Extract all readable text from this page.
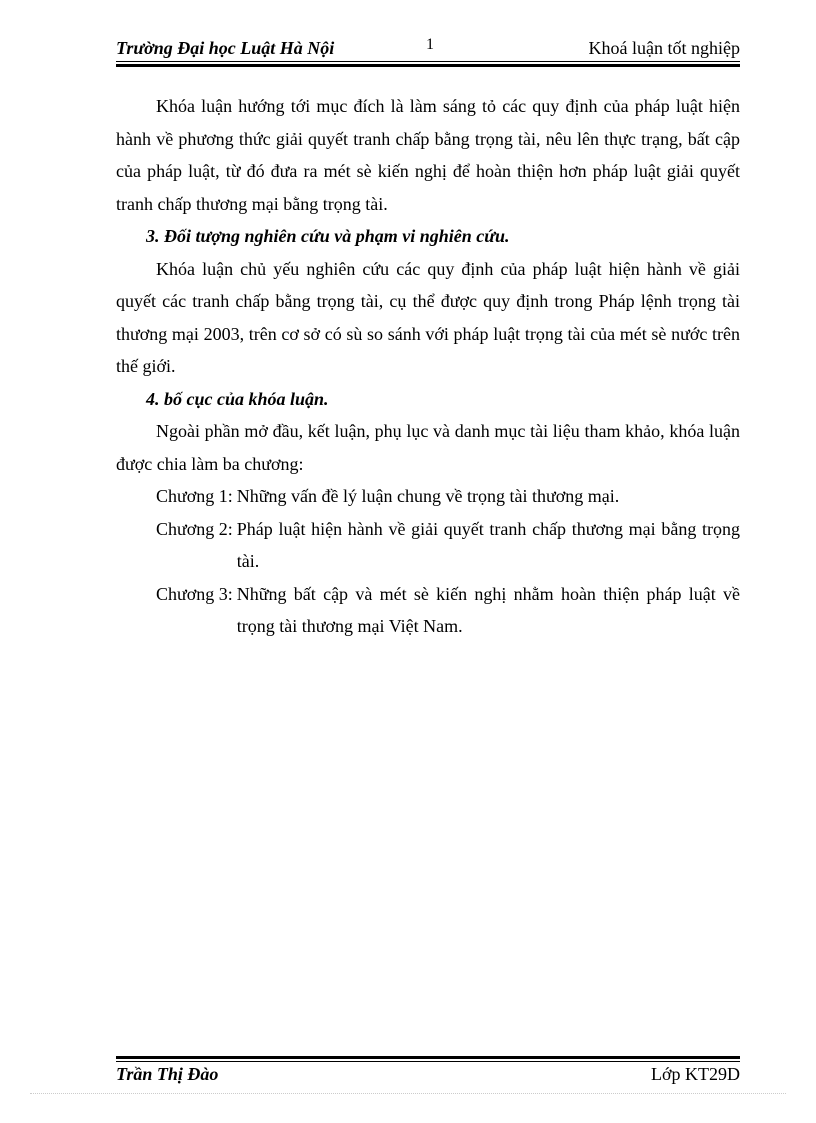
Trường Đại học Luật Hà Nội	1	Khoá luận tốt nghiệp

Khóa luận hướng tới mục đích là làm sáng tỏ các quy định của pháp luật hiện hành về phương thức giải quyết tranh chấp bằng trọng tài, nêu lên thực trạng, bất cập của pháp luật, từ đó đưa ra mét sè kiến nghị để hoàn thiện hơn pháp luật giải quyết tranh chấp thương mại bằng trọng tài.

3. Đối tượng nghiên cứu và phạm vi nghiên cứu.

Khóa luận chủ yếu nghiên cứu các quy định của pháp luật hiện hành về giải quyết các tranh chấp bằng trọng tài, cụ thể được quy định trong Pháp lệnh trọng tài thương mại 2003, trên cơ sở có sù so sánh với pháp luật trọng tài của mét sè nước trên thế giới.

4. bố cục của khóa luận.

Ngoài phần mở đầu, kết luận, phụ lục và danh mục tài liệu tham khảo, khóa luận được chia làm ba chương:

Chương 1: Những vấn đề lý luận chung về trọng tài thương mại.
Chương 2: Pháp luật hiện hành về giải quyết tranh chấp thương mại bằng trọng tài.
Chương 3: Những bất cập và mét sè kiến nghị nhằm hoàn thiện pháp luật về trọng tài thương mại Việt Nam.
Trần Thị Đào	Lớp KT29D
